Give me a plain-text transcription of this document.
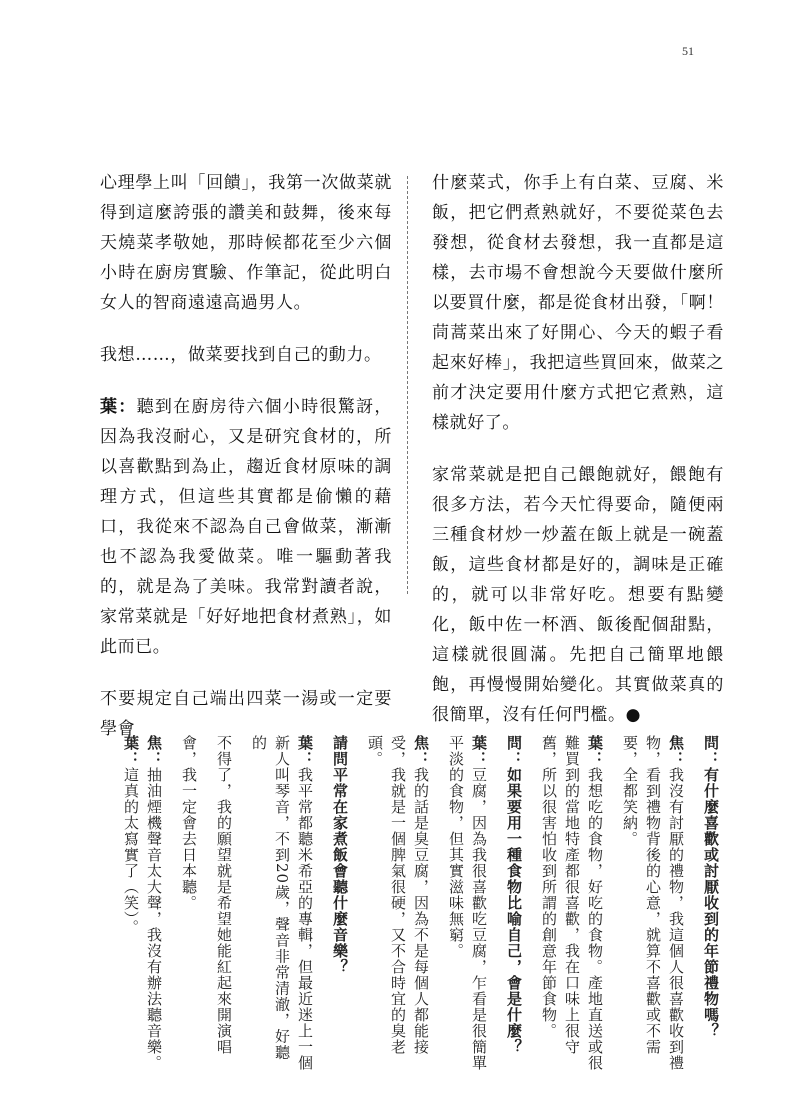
51

心理學上叫「回饋」，我第一次做菜就得到這麼誇張的讚美和鼓舞，後來每天燒菜孝敬她，那時候都花至少六個小時在廚房實驗、作筆記，從此明白女人的智商遠遠高過男人。

我想……，做菜要找到自己的動力。

葉：聽到在廚房待六個小時很驚訝，因為我沒耐心，又是研究食材的，所以喜歡點到為止，趨近食材原味的調理方式，但這些其實都是偷懶的藉口，我從來不認為自己會做菜，漸漸也不認為我愛做菜。唯一驅動著我的，就是為了美味。我常對讀者說，家常菜就是「好好地把食材煮熟」，如此而已。

不要規定自己端出四菜一湯或一定要學會

什麼菜式，你手上有白菜、豆腐、米飯，把它們煮熟就好，不要從菜色去發想，從食材去發想，我一直都是這樣，去市場不會想說今天要做什麼所以要買什麼，都是從食材出發，「啊！茼蒿菜出來了好開心、今天的蝦子看起來好棒」，我把這些買回來，做菜之前才決定要用什麼方式把它煮熟，這樣就好了。

家常菜就是把自己餵飽就好，餵飽有很多方法，若今天忙得要命，隨便兩三種食材炒一炒蓋在飯上就是一碗蓋飯，這些食材都是好的，調味是正確的，就可以非常好吃。想要有點變化，飯中佐一杯酒、飯後配個甜點，這樣就很圓滿。先把自己簡單地餵飽，再慢慢開始變化。其實做菜真的很簡單，沒有任何門檻。●

問：有什麼喜歡或討厭收到的年節禮物嗎？
焦：我沒有討厭的禮物，我這個人很喜歡收到禮物，看到禮物背後的心意，就算不喜歡或不需
要，全都笑納。
葉：我想吃的食物，好吃的食物。產地直送或很難買到的當地特產都很喜歡，我在口味上很守
舊，所以很害怕收到所謂的創意年節食物。
問：如果要用一種食物比喻自己，會是什麼？
葉：豆腐，因為我很喜歡吃豆腐，乍看是很簡單
平淡的食物，但其實滋味無窮。
焦：我的話是臭豆腐，因為不是每個人都能接
受，我就是一個脾氣很硬，又不合時宜的臭老頭。
請問平常在家煮飯會聽什麼音樂？
葉：我平常都聽米希亞的專輯，但最近迷上一個
新人叫琴音，不到20歲，聲音非常清澈，好聽的
不得了，我的願望就是希望她能紅起來開演唱
會，我一定會去日本聽。
焦：抽油煙機聲音太大聲，我沒有辦法聽音樂。
葉：這真的太寫實了（笑）。
